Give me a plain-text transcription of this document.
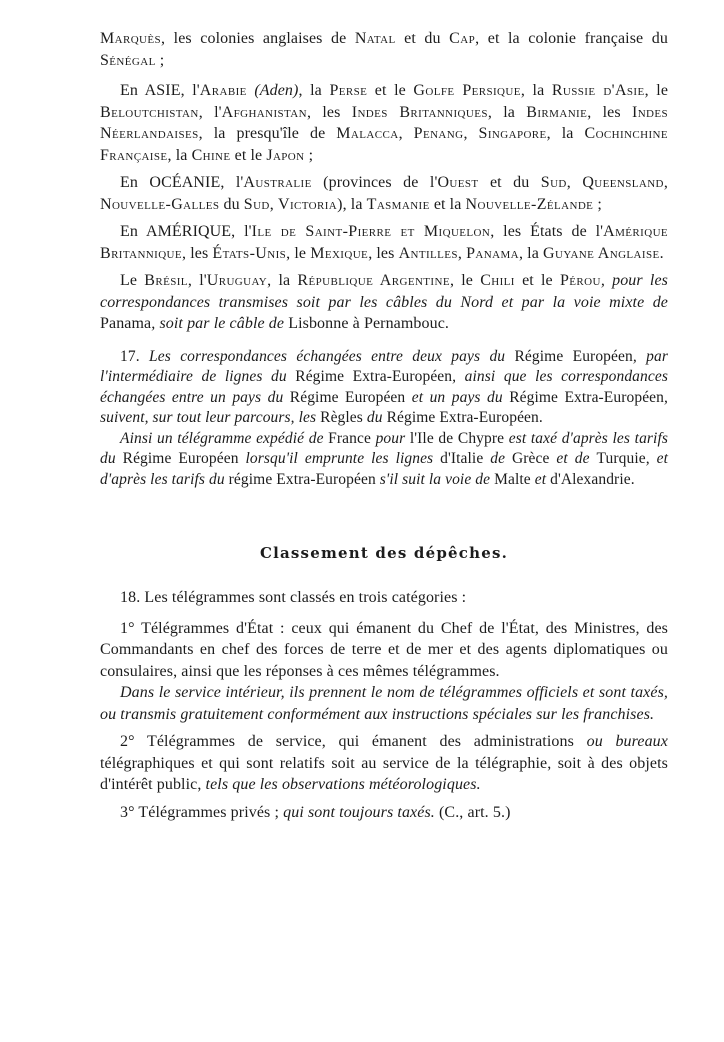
Marquès, les colonies anglaises de Natal et du Cap, et la colonie française du Sénégal ;

En ASIE, l'Arabie (Aden), la Perse et le Golfe Persique, la Russie d'Asie, le Beloutchistan, l'Afghanistan, les Indes Britanniques, la Birmanie, les Indes Néerlandaises, la presqu'île de Malacca, Penang, Singapore, la Cochinchine Française, la Chine et le Japon ;

En OCÉANIE, l'Australie (provinces de l'Ouest et du Sud, Queensland, Nouvelle-Galles du Sud, Victoria), la Tasmanie et la Nouvelle-Zélande ;

En AMÉRIQUE, l'Ile de Saint-Pierre et Miquelon, les États de l'Amérique Britannique, les États-Unis, le Mexique, les Antilles, Panama, la Guyane Anglaise.

Le Brésil, l'Uruguay, la République Argentine, le Chili et le Pérou, pour les correspondances transmises soit par les câbles du Nord et par la voie mixte de Panama, soit par le câble de Lisbonne à Pernambouc.

17. Les correspondances échangées entre deux pays du Régime Européen, par l'intermédiaire de lignes du Régime Extra-Européen, ainsi que les correspondances échangées entre un pays du Régime Européen et un pays du Régime Extra-Européen, suivent, sur tout leur parcours, les Règles du Régime Extra-Européen.

Ainsi un télégramme expédié de France pour l'Ile de Chypre est taxé d'après les tarifs du Régime Européen lorsqu'il emprunte les lignes d'Italie de Grèce et de Turquie, et d'après les tarifs du régime Extra-Européen s'il suit la voie de Malte et d'Alexandrie.

Classement des dépêches.

18. Les télégrammes sont classés en trois catégories :

1° Télégrammes d'État : ceux qui émanent du Chef de l'État, des Ministres, des Commandants en chef des forces de terre et de mer et des agents diplomatiques ou consulaires, ainsi que les réponses à ces mêmes télégrammes.

Dans le service intérieur, ils prennent le nom de télégrammes officiels et sont taxés, ou transmis gratuitement conformément aux instructions spéciales sur les franchises.

2° Télégrammes de service, qui émanent des administrations ou bureaux télégraphiques et qui sont relatifs soit au service de la télégraphie, soit à des objets d'intérêt public, tels que les observations météorologiques.

3° Télégrammes privés ; qui sont toujours taxés. (C., art. 5.)
